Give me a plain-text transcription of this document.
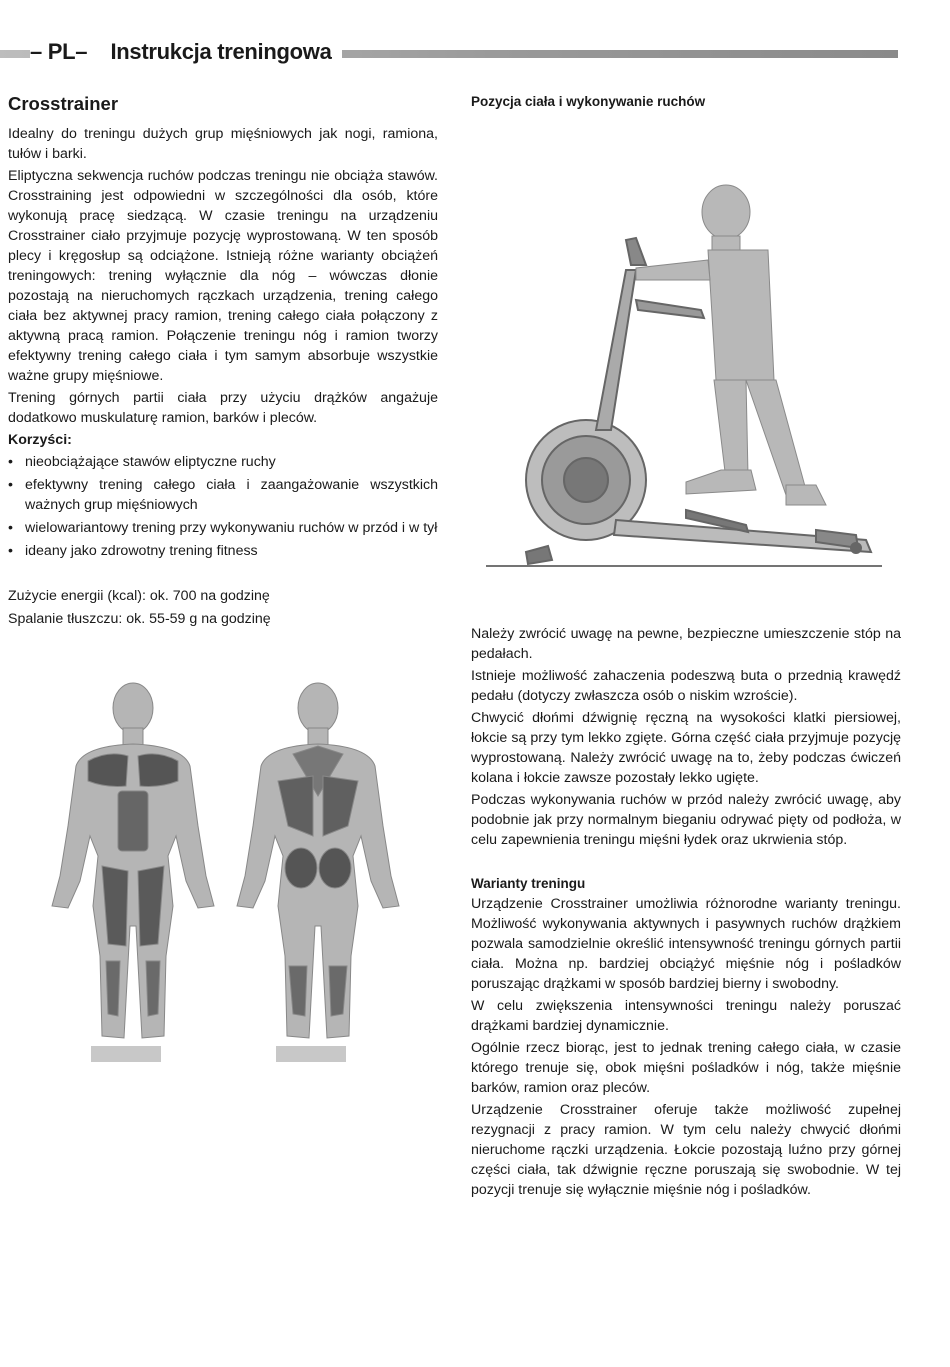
– PL–    Instrukcja treningowa
Crosstrainer

Idealny do treningu dużych grup mięśniowych jak nogi, ramiona, tułów i barki.

Eliptyczna sekwencja ruchów podczas treningu nie obciąża stawów. Crosstraining jest odpowiedni w szczególności dla osób, które wykonują pracę siedzącą. W czasie treningu na urządzeniu Crosstrainer ciało przyjmuje pozycję wyprostowaną. W ten sposób plecy i kręgosłup są odciążone. Istnieją różne warianty obciążeń treningowych: trening wyłącznie dla nóg – wówczas dłonie pozostają na nieruchomych rączkach urządzenia, trening całego ciała bez aktywnej pracy ramion, trening całego ciała połączony z aktywną pracą ramion. Połączenie treningu nóg i ramion tworzy efektywny trening całego ciała i tym samym absorbuje wszystkie ważne grupy mięśniowe.

Trening górnych partii ciała przy użyciu drążków angażuje dodatkowo muskulaturę ramion, barków i pleców.

Korzyści:

• nieobciążające stawów eliptyczne ruchy
• efektywny trening całego ciała i zaangażowanie wszystkich ważnych grup mięśniowych
• wielowariantowy trening przy wykonywaniu ruchów w przód i w tył
• ideany jako zdrowotny trening fitness

Zużycie energii (kcal): ok. 700 na godzinę

Spalanie tłuszczu: ok. 55-59 g na godzinę

Pozycja ciała i wykonywanie ruchów

Należy zwrócić uwagę na pewne, bezpieczne umieszczenie stóp na pedałach.

Istnieje możliwość zahaczenia podeszwą buta o przednią krawędź pedału (dotyczy zwłaszcza osób o niskim wzroście).

Chwycić dłońmi dźwignię ręczną na wysokości klatki piersiowej, łokcie są przy tym lekko zgięte. Górna część ciała przyjmuje pozycję wyprostowaną. Należy zwrócić uwagę na to, żeby podczas ćwiczeń kolana i łokcie zawsze pozostały lekko ugięte.

Podczas wykonywania ruchów w przód należy zwrócić uwagę, aby podobnie jak przy normalnym bieganiu odrywać pięty od podłoża, w celu zapewnienia treningu mięśni łydek oraz ukrwienia stóp.

Warianty treningu

Urządzenie Crosstrainer umożliwia różnorodne warianty treningu. Możliwość wykonywania aktywnych i pasywnych ruchów drążkiem pozwala samodzielnie określić intensywność treningu górnych partii ciała. Można np. bardziej obciążyć mięśnie nóg i pośladków poruszając drążkami w sposób bardziej bierny i swobodny.

W celu zwiększenia intensywności treningu należy poruszać drążkami bardziej dynamicznie.

Ogólnie rzecz biorąc, jest to jednak trening całego ciała, w czasie którego trenuje się, obok mięśni pośladków i nóg, także mięśnie barków, ramion oraz pleców.

Urządzenie Crosstrainer oferuje także możliwość zupełnej rezygnacji z pracy ramion. W tym celu należy chwycić dłońmi nieruchome rączki urządzenia. Łokcie pozostają luźno przy górnej części ciała, tak dźwignie ręczne poruszają się swobodnie. W tej pozycji trenuje się wyłącznie mięśnie nóg i pośladków.
